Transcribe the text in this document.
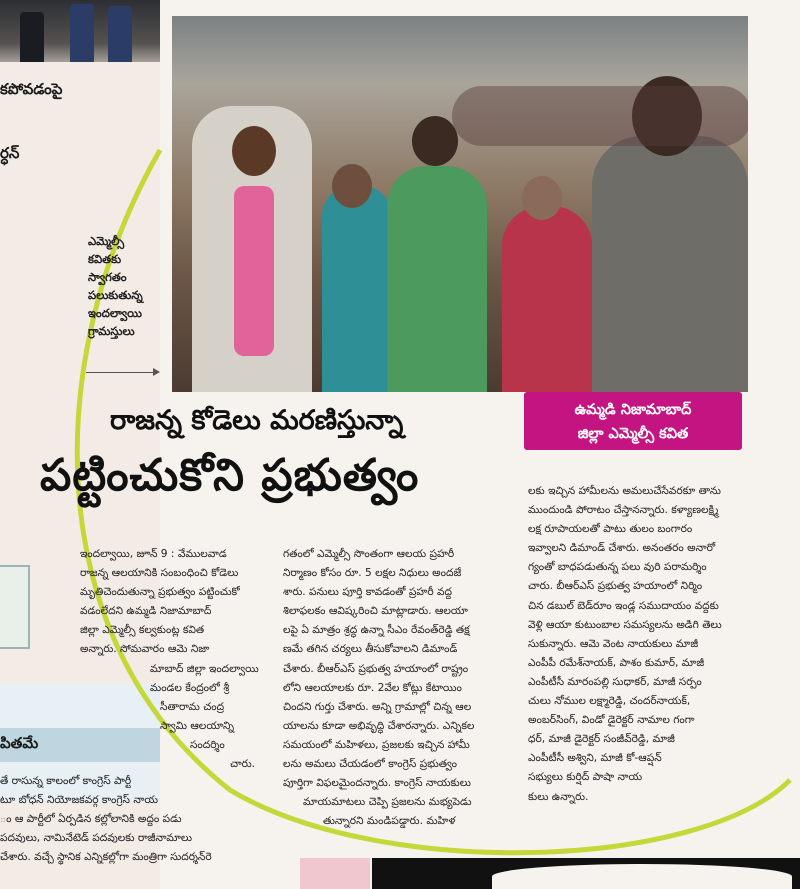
కపోవడంపై
ర్ధన్
పితమే
ఎమ్మెల్సీ కవితకు స్వాగతం పలుకుతున్న ఇందల్వాయి గ్రామస్తులు
ఉమ్మడి నిజామాబాద్
జిల్లా ఎమ్మెల్సీ కవిత
రాజన్న కోడెలు మరణిస్తున్నా
పట్టించుకోని ప్రభుత్వం

ఇందల్వాయి, జూన్ 9 : వేములవాడ

రాజన్న ఆలయానికి సంబంధించి కోడెలు

మృతిచెందుతున్నా ప్రభుత్వం పట్టించుకో

వడంలేదని ఉమ్మడి నిజామాబాద్

జిల్లా ఎమ్మెల్సీ కల్వకుంట్ల కవిత

అన్నారు. సోమవారం ఆమె నిజా

మాబాద్ జిల్లా ఇందల్వాయి

మండల కేంద్రంలో శ్రీ

సీతారామ చంద్ర

స్వామి ఆలయాన్ని

సందర్శిం

చారు.

గతంలో ఎమ్మెల్సీ సొంతంగా ఆలయ ప్రహరీ

నిర్మాణం కోసం రూ. 5 లక్షల నిధులు అందజే

శారు. పనులు పూర్తి కావడంతో ప్రహరీ వద్ద

శిలాఫలకం ఆవిష్కరించి మాట్లాడారు. ఆలయా

లపై ఏ మాత్రం శ్రద్ధ ఉన్నా సీఎం రేవంత్‌రెడ్డి తక్ష

ణమే తగిన చర్యలు తీసుకోవాలని డిమాండ్

చేశారు. బీఆర్ఎస్ ప్రభుత్వ హయాంలో రాష్ట్రం

లోని ఆలయాలకు రూ. 2వేల కోట్లు కేటాయిం

చిందని గుర్తు చేశారు. అన్ని గ్రామాల్లో చిన్న ఆల

యాలను కూడా అభివృద్ధి చేశారన్నారు. ఎన్నికల

సమయంలో మహిళలు, ప్రజలకు ఇచ్చిన హామీ

లను అమలు చేయడంలో కాంగ్రెస్ ప్రభుత్వం

పూర్తిగా విఫలమైందన్నారు. కాంగ్రెస్ నాయకులు

మాయమాటలు చెప్పి ప్రజలను మభ్యపెడు

తున్నారని మండిపడ్డారు. మహిళ

లకు ఇచ్చిన హామీలను అమలుచేసేవరకూ తాను

ముందుండి పోరాటం చేస్తానన్నారు. కళ్యాణలక్ష్మి

లక్ష రూపాయలతో పాటు తులం బంగారం

ఇవ్వాలని డిమాండ్ చేశారు. అనంతరం అనారో

గ్యంతో బాధపడుతున్న పలు వురి పరామర్శిం

చారు. బీఆర్ఎస్ ప్రభుత్వ హయాంలో నిర్మిం

చిన డబుల్ బెడ్‌రూం ఇండ్ల సముదాయం వద్దకు

వెళ్లి ఆయా కుటుంబాల సమస్యలను అడిగి తెలు

సుకున్నారు. ఆమె వెంట నాయకులు మాజీ

ఎంపీపీ రమేశ్‌నాయక్, పాశం కుమార్, మాజీ

ఎంపీటీసీ మారంపల్లి సుధాకర్, మాజీ సర్పం

చులు నోముల లక్ష్మారెడ్డి, చందర్‌నాయక్,

అంబర్‌సింగ్, విండో డైరెక్టర్ నామాల గంగా

ధర్, మాజీ డైరెక్టర్ సంజీవ్‌రెడ్డి, మాజీ

ఎంపీటీసీ అశ్విని, మాజీ కో-ఆప్షన్

సభ్యులు కుర్షిద్ పాషా నాయ

కులు ఉన్నారు.

తే రాసున్న కాలంలో కాంగ్రెస్ పార్టీ

టూ బోధన్ నియోజకవర్గ కాంగ్రెస్ నాయ

ం ఆ పార్టీలో ఏర్పడిన కల్లోలానికి అద్దం పడు

పదవులు, నామినేటెడ్ పదవులకు రాజీనామాలు

చేశారు. వచ్చే స్థానిక ఎన్నికల్లోగా మంత్రిగా సుదర్శన్‌రె
